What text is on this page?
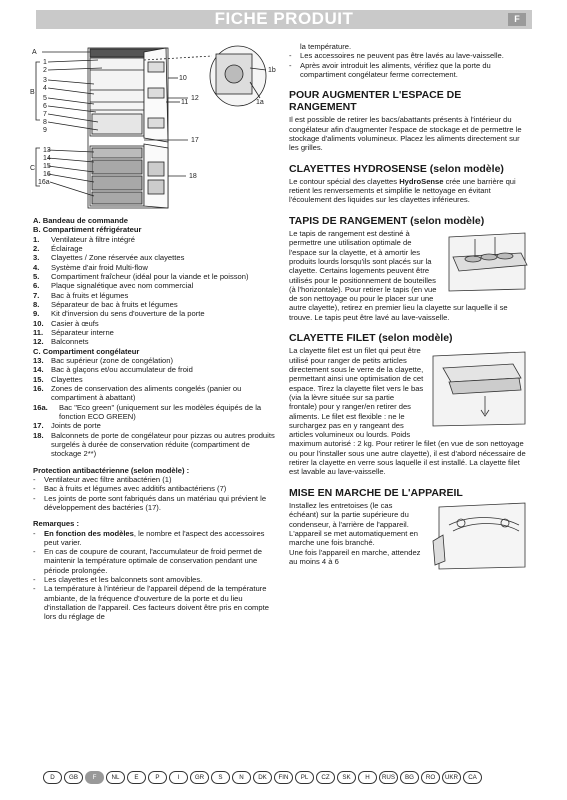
FICHE PRODUIT	F
A
B
C
1
2
3
4
5
6
7
8
9
13
14
15
16
16a
10
11
12
17
18
1b
1a
A. Bandeau de commande
B. Compartiment réfrigérateur
1.	Ventilateur à filtre intégré
2.	Éclairage
3.	Clayettes / Zone réservée aux clayettes
4.	Système d'air froid Multi-flow
5.	Compartiment fraîcheur (idéal pour la viande et le poisson)
6.	Plaque signalétique avec nom commercial
7.	Bac à fruits et légumes
8.	Séparateur de bac à fruits et légumes
9.	Kit d'inversion du sens d'ouverture de la porte
10. Casier à œufs
11.	Séparateur interne
12. Balconnets
C. Compartiment congélateur
13. Bac supérieur (zone de congélation)
14. Bac à glaçons et/ou accumulateur de froid
15. Clayettes
16. Zones de conservation des aliments congelés (panier ou compartiment à abattant)
16a.	Bac "Eco green" (uniquement sur les modèles équipés de la fonction ECO GREEN)
17. Joints de porte
18. Balconnets de porte de congélateur pour pizzas ou autres produits surgelés à durée de conservation réduite (compartiment de stockage 2**)
Protection antibactérienne (selon modèle) :
-	Ventilateur avec filtre antibactérien (1)
-	Bac à fruits et légumes avec additifs antibactériens (7)
-	Les joints de porte sont fabriqués dans un matériau qui prévient le développement des bactéries (17).
Remarques :
-	En fonction des modèles, le nombre et l'aspect des accessoires peut varier.
-	En cas de coupure de courant, l'accumulateur de froid permet de maintenir la température optimale de conservation pendant une période prolongée.
-	Les clayettes et les balconnets sont amovibles.
-	La température à l'intérieur de l'appareil dépend de la température ambiante, de la fréquence d'ouverture de la porte et du lieu d'installation de l'appareil. Ces facteurs doivent être pris en compte lors du réglage de
la température.
-	Les accessoires ne peuvent pas être lavés au lave-vaisselle.
-	Après avoir introduit les aliments, vérifiez que la porte du compartiment congélateur ferme correctement.
POUR AUGMENTER L'ESPACE DE RANGEMENT
Il est possible de retirer les bacs/abattants présents à l'intérieur du congélateur afin d'augmenter l'espace de stockage et de permettre le stockage d'aliments volumineux. Placez les aliments directement sur les grilles.
CLAYETTES HYDROSENSE (selon modèle)
Le contour spécial des clayettes HydroSense crée une barrière qui retient les renversements et simplifie le nettoyage en évitant l'écoulement des liquides sur les clayettes inférieures.
TAPIS DE RANGEMENT (selon modèle)
Le tapis de rangement est destiné à permettre une utilisation optimale de l'espace sur la clayette, et à amortir les produits lourds lorsqu'ils sont placés sur la clayette. Certains logements peuvent être utilisés pour le positionnement de bouteilles (à l'horizontale). Pour retirer le tapis (en vue de son nettoyage ou pour le placer sur une autre clayette), retirez en premier lieu la clayette sur laquelle il se trouve. Le tapis peut être lavé au lave-vaisselle.
CLAYETTE FILET (selon modèle)
La clayette filet est un filet qui peut être utilisé pour ranger de petits articles directement sous le verre de la clayette, permettant ainsi une optimisation de cet espace. Tirez la clayette filet vers le bas (via la lèvre située sur sa partie frontale) pour y ranger/en retirer des aliments. Le filet est flexible : ne le surchargez pas en y rangeant des articles volumineux ou lourds. Poids maximum autorisé : 2 kg. Pour retirer le filet (en vue de son nettoyage ou pour l'installer sous une autre clayette), il est d'abord nécessaire de retirer la clayette en verre sous laquelle il est installé. La clayette filet est lavable au lave-vaisselle.
MISE EN MARCHE DE L'APPAREIL
Installez les entretoises (le cas échéant) sur la partie supérieure du condenseur, à l'arrière de l'appareil.
L'appareil se met automatiquement en marche une fois branché.
Une fois l'appareil en marche, attendez au moins 4 à 6
D	GB	F	NL	E	P	I	GR	S	N	DK	FIN	PL	CZ	SK	H	RUS	BG	RO	UKR	CA
